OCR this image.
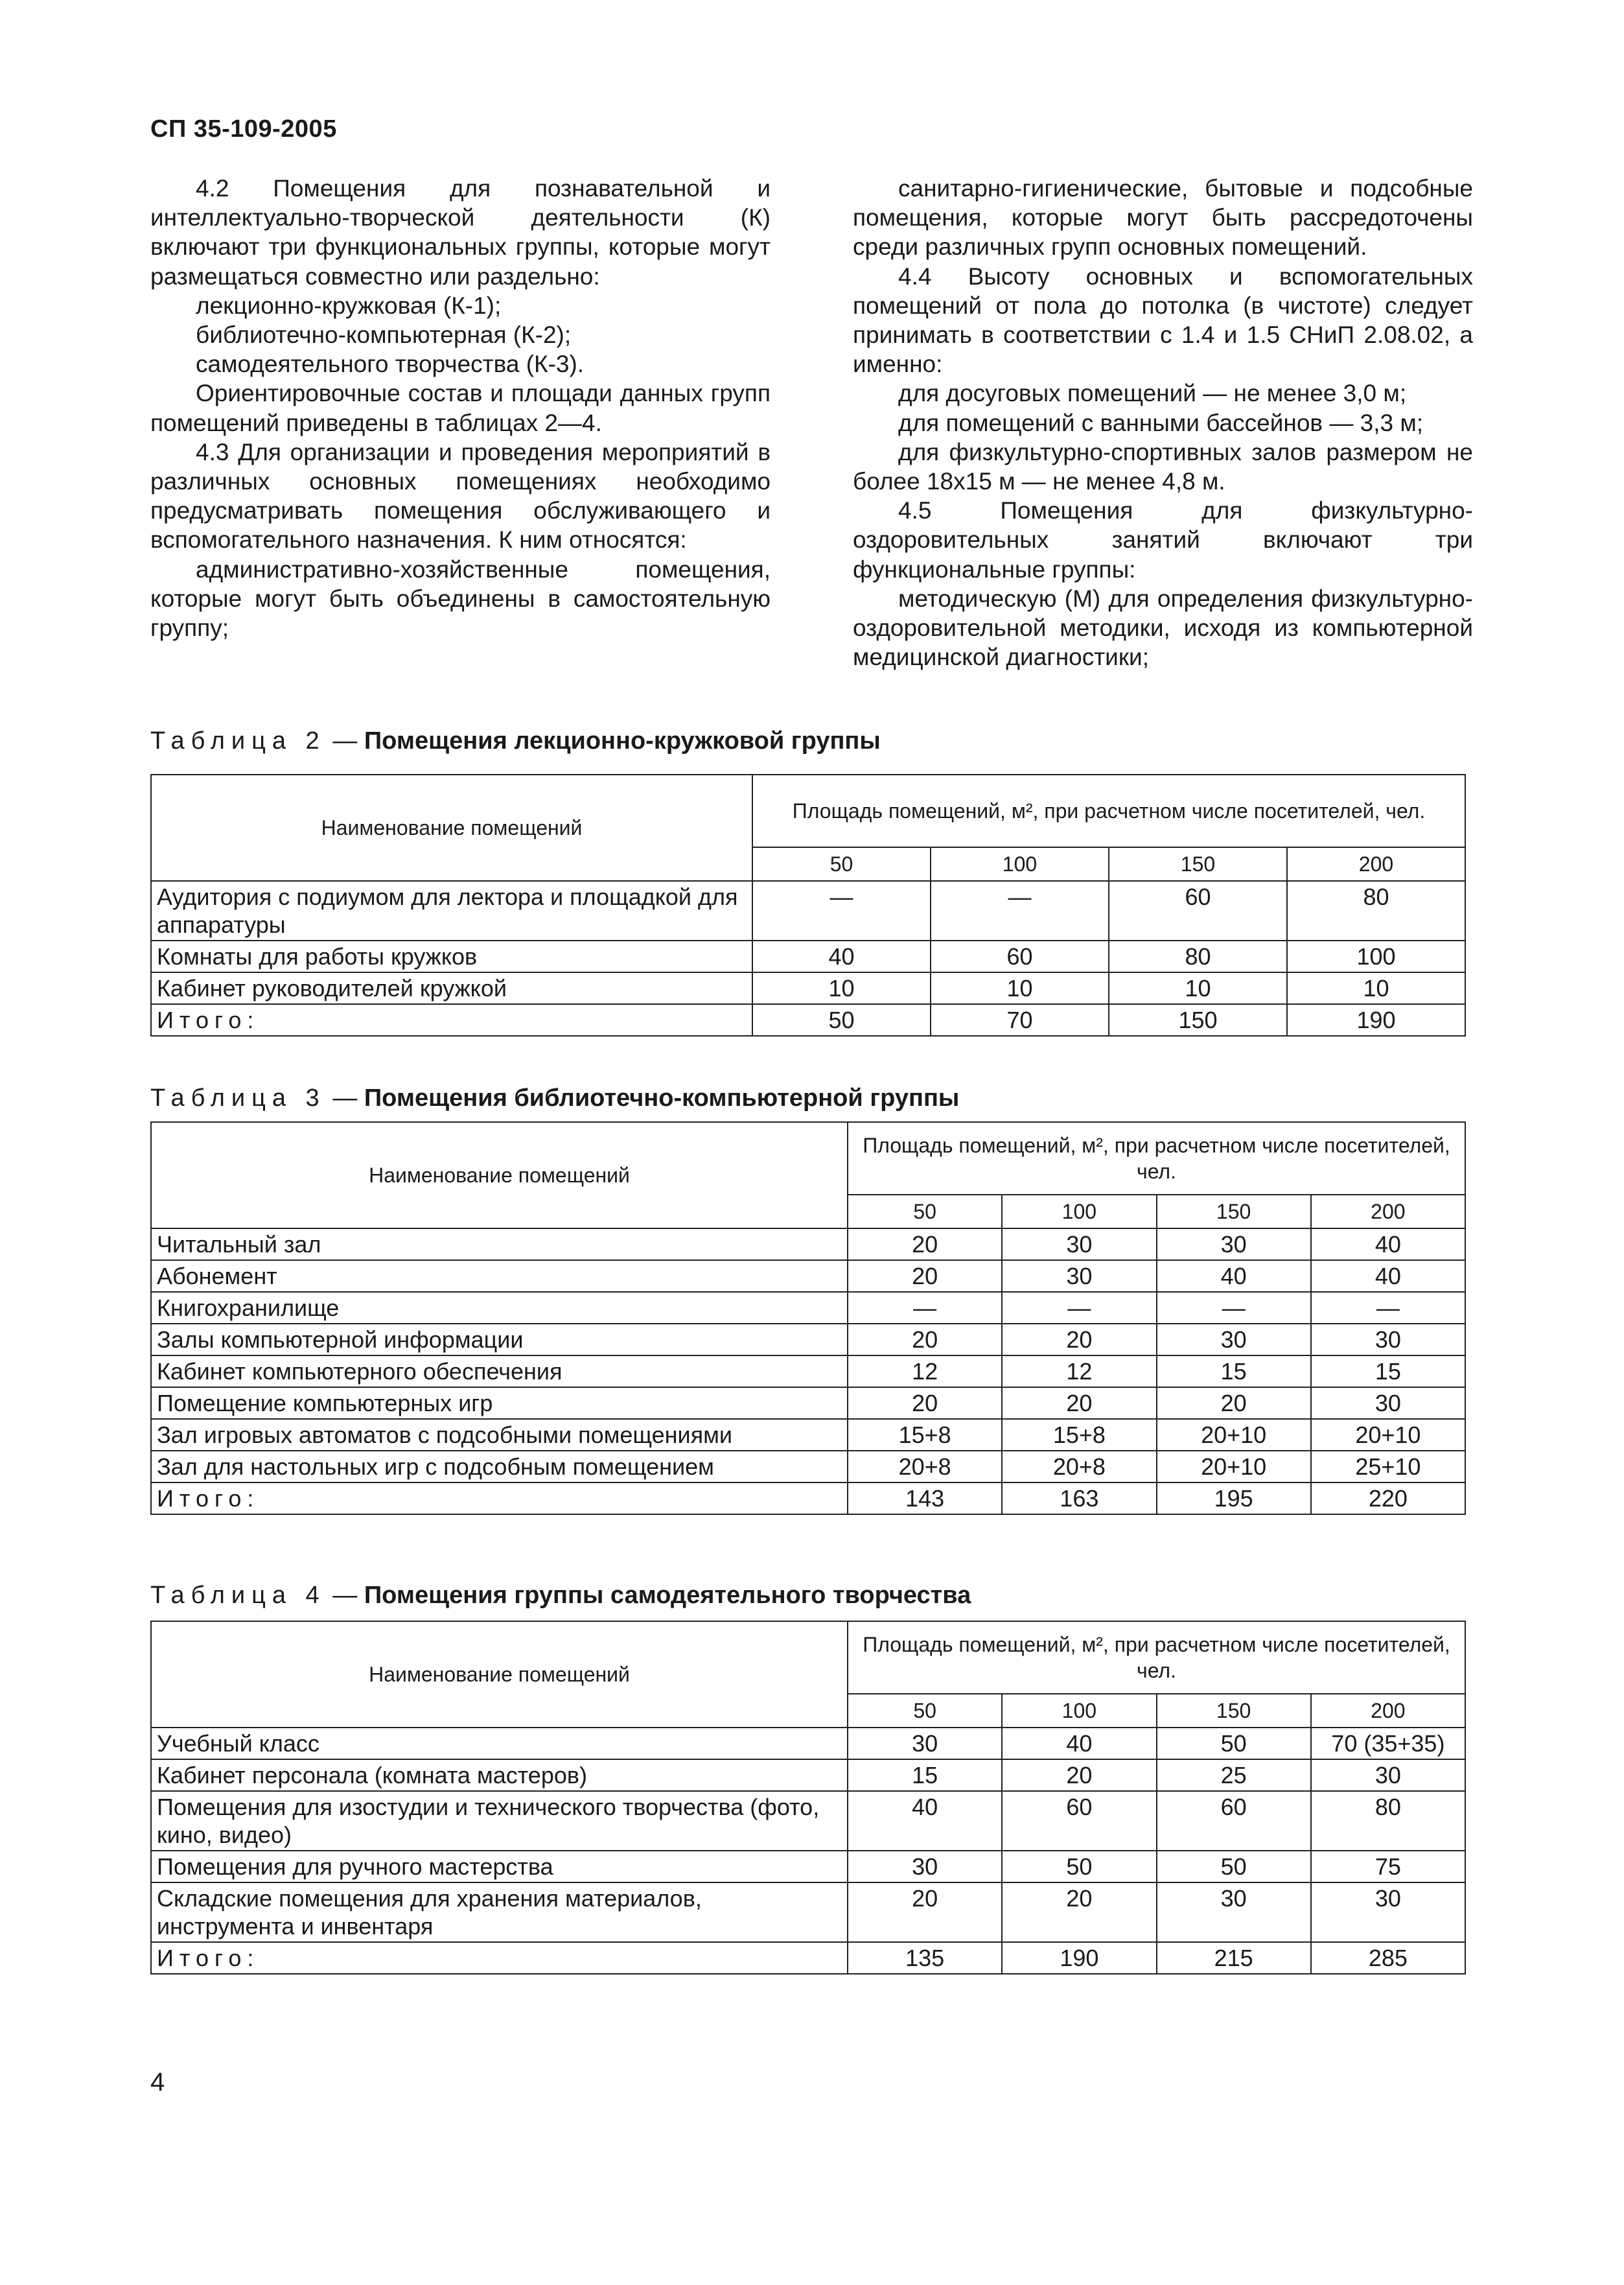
СП 35-109-2005

4.2 Помещения для познавательной и интеллектуально-творческой деятельности (К) включают три функциональных группы, которые могут размещаться совместно или раздельно:

лекционно-кружковая (К-1);

библиотечно-компьютерная (К-2);

самодеятельного творчества (К-3).

Ориентировочные состав и площади данных групп помещений приведены в таблицах 2—4.

4.3 Для организации и проведения мероприятий в различных основных помещениях необходимо предусматривать помещения обслуживающего и вспомогательного назначения. К ним относятся:

административно-хозяйственные помещения, которые могут быть объединены в самостоятельную группу;

санитарно-гигиенические, бытовые и подсобные помещения, которые могут быть рассредоточены среди различных групп основных помещений.

4.4 Высоту основных и вспомогательных помещений от пола до потолка (в чистоте) следует принимать в соответствии с 1.4 и 1.5 СНиП 2.08.02, а именно:

для досуговых помещений — не менее 3,0 м;

для помещений с ванными бассейнов — 3,3 м;

для физкультурно-спортивных залов размером не более 18х15 м — не менее 4,8 м.

4.5 Помещения для физкультурно-оздоровительных занятий включают три функциональные группы:

методическую (М) для определения физкультурно-оздоровительной методики, исходя из компьютерной медицинской диагностики;

Таблица 2 — Помещения лекционно-кружковой группы
Наименование помещений	Площадь помещений, м², при расчетном числе посетителей, чел.			
	50	100	150	200
Аудитория с подиумом для лектора и площадкой для аппаратуры	—	—	60	80
Комнаты для работы кружков	40	60	80	100
Кабинет руководителей кружкой	10	10	10	10
Итого:	50	70	150	190
Таблица 3 — Помещения библиотечно-компьютерной группы
Наименование помещений	Площадь помещений, м², при расчетном числе посетителей, чел.			
	50	100	150	200
Читальный зал	20	30	30	40
Абонемент	20	30	40	40
Книгохранилище	—	—	—	—
Залы компьютерной информации	20	20	30	30
Кабинет компьютерного обеспечения	12	12	15	15
Помещение компьютерных игр	20	20	20	30
Зал игровых автоматов с подсобными помещениями	15+8	15+8	20+10	20+10
Зал для настольных игр с подсобным помещением	20+8	20+8	20+10	25+10
Итого:	143	163	195	220
Таблица 4 — Помещения группы самодеятельного творчества
Наименование помещений	Площадь помещений, м², при расчетном числе посетителей, чел.			
	50	100	150	200
Учебный класс	30	40	50	70 (35+35)
Кабинет персонала (комната мастеров)	15	20	25	30
Помещения для изостудии и технического творчества (фото, кино, видео)	40	60	60	80
Помещения для ручного мастерства	30	50	50	75
Складские помещения для хранения материалов, инструмента и инвентаря	20	20	30	30
Итого:	135	190	215	285
4
